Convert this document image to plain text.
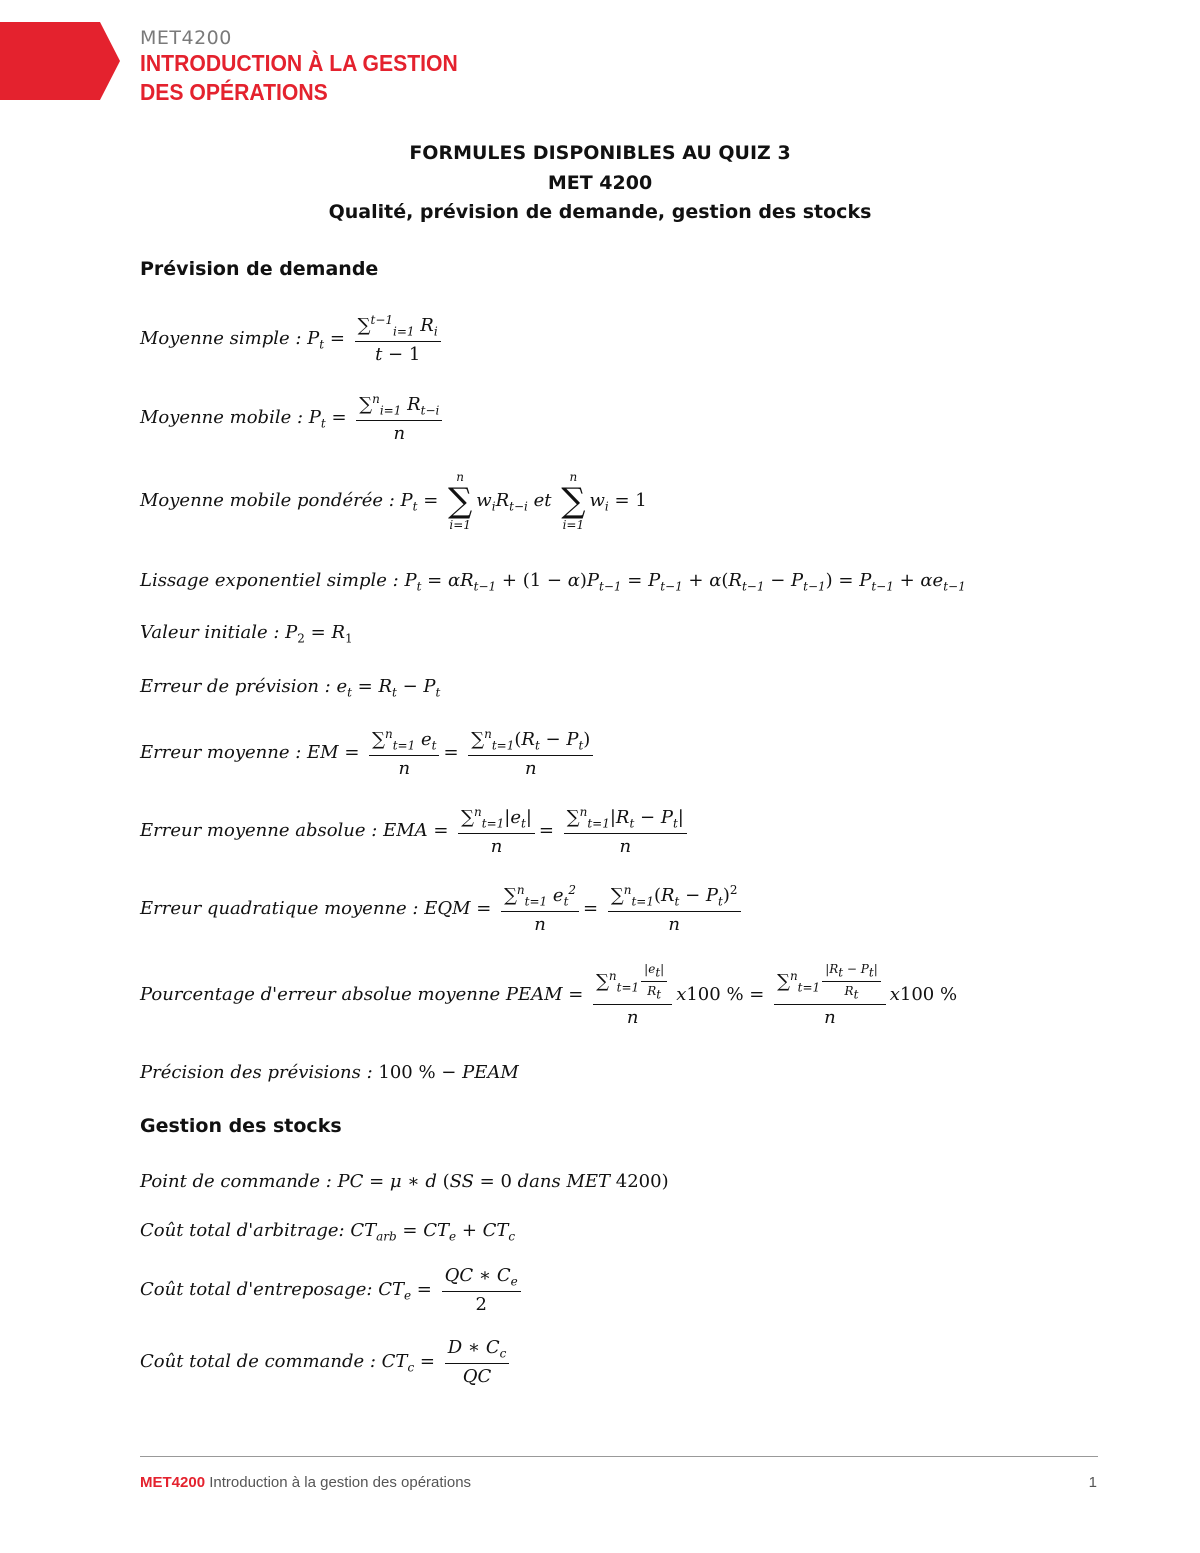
MET4200
INTRODUCTION À LA GESTION
DES OPÉRATIONS
FORMULES DISPONIBLES AU QUIZ 3
MET 4200
Qualité, prévision de demande, gestion des stocks
Prévision de demande
Moyenne simple : $P_t = \frac{\sum^{t-1}_{i=1} R_i}{t - 1}$
Moyenne mobile : $P_t = \frac{\sum^n_{i=1} R_{t-i}}{n}$
Moyenne mobile pondérée : $P_t$ =
n
∑
i=1
$w_iR_{t-i}$ et
n
∑
i=1
$w_i = 1$
Lissage exponentiel simple : $P_t = \alpha R_{t-1} + (1 - \alpha)P_{t-1} = P_{t-1} + \alpha(R_{t-1} - P_{t-1}) = P_{t-1} + \alpha e_{t-1}$
Valeur initiale : $P_2 = R_1$
Erreur de prévision : $e_t = R_t - P_t$
Erreur moyenne : EM = $\frac{\sum^n_{t=1} e_t}{n} = \frac{\sum^n_{t=1}(R_t - P_t)}{n}$
Erreur moyenne absolue : EMA = $\frac{\sum^n_{t=1}|e_t|}{n} = \frac{\sum^n_{t=1}|R_t - P_t|}{n}$
Erreur quadratique moyenne : EQM = $\frac{\sum^n_{t=1} e_t^2}{n} = \frac{\sum^n_{t=1}(R_t - P_t)^2}{n}$
Pourcentage d'erreur absolue moyenne PEAM = $\frac{\sum^n_{t=1} \frac{|e_t|}{R_t}}{n} x100$ % = $\frac{\sum^n_{t=1} \frac{|R_t - P_t|}{R_t}}{n} x100$ %
Précision des prévisions : 100 % − PEAM
Gestion des stocks
Point de commande : PC = μ ∗ d (SS = 0 dans MET 4200)
Coût total d'arbitrage: $CT_{arb} = CT_e + CT_c$
Coût total d'entreposage: $CT_e = \frac{QC ∗ C_e}{2}$
Coût total de commande : $CT_c = \frac{D ∗ C_c}{QC}$
MET4200 Introduction à la gestion des opérations	1
